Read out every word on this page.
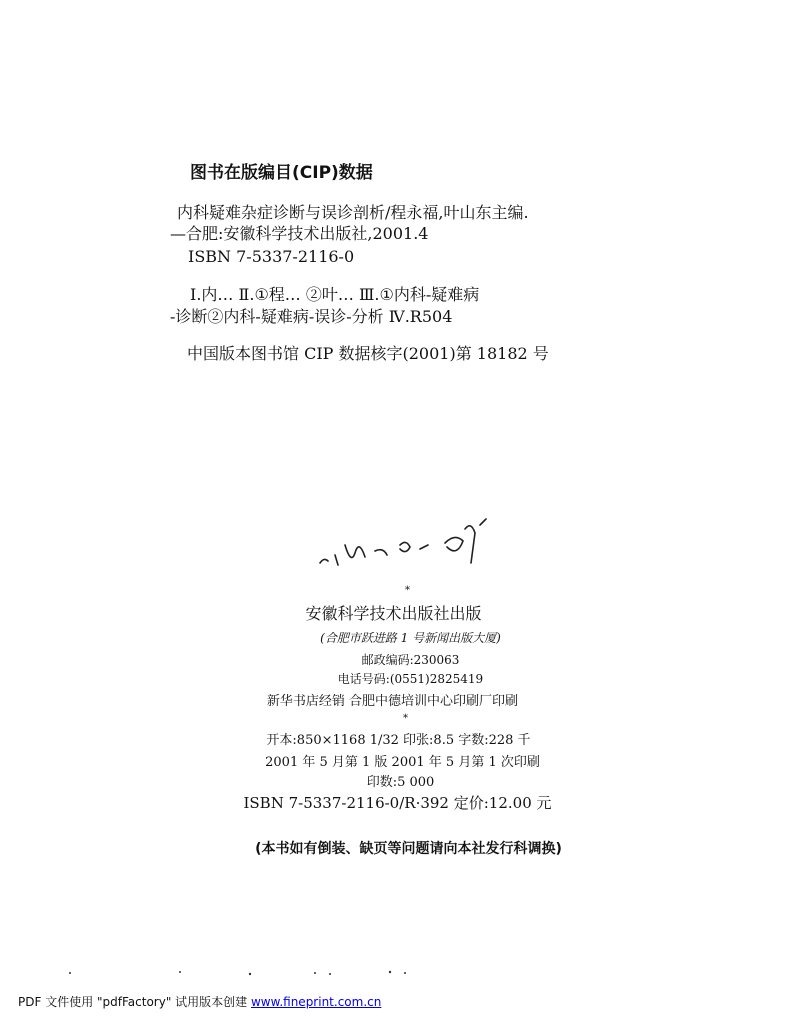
图书在版编目(CIP)数据
内科疑难杂症诊断与误诊剖析/程永福,叶山东主编.
—合肥:安徽科学技术出版社,2001.4
ISBN 7-5337-2116-0
Ⅰ.内… Ⅱ.①程… ②叶… Ⅲ.①内科-疑难病
-诊断②内科-疑难病-误诊-分析 Ⅳ.R504
中国版本图书馆 CIP 数据核字(2001)第 18182 号
*
安徽科学技术出版社出版
(合肥市跃进路 1 号新闻出版大厦)
邮政编码:230063
电话号码:(0551)2825419
新华书店经销 合肥中德培训中心印刷厂印刷
*
开本:850×1168 1/32 印张:8.5 字数:228 千
2001 年 5 月第 1 版 2001 年 5 月第 1 次印刷
印数:5 000
ISBN 7-5337-2116-0/R·392 定价:12.00 元
(本书如有倒装、缺页等问题请向本社发行科调换)
PDF 文件使用 "pdfFactory" 试用版本创建 www.fineprint.com.cn
